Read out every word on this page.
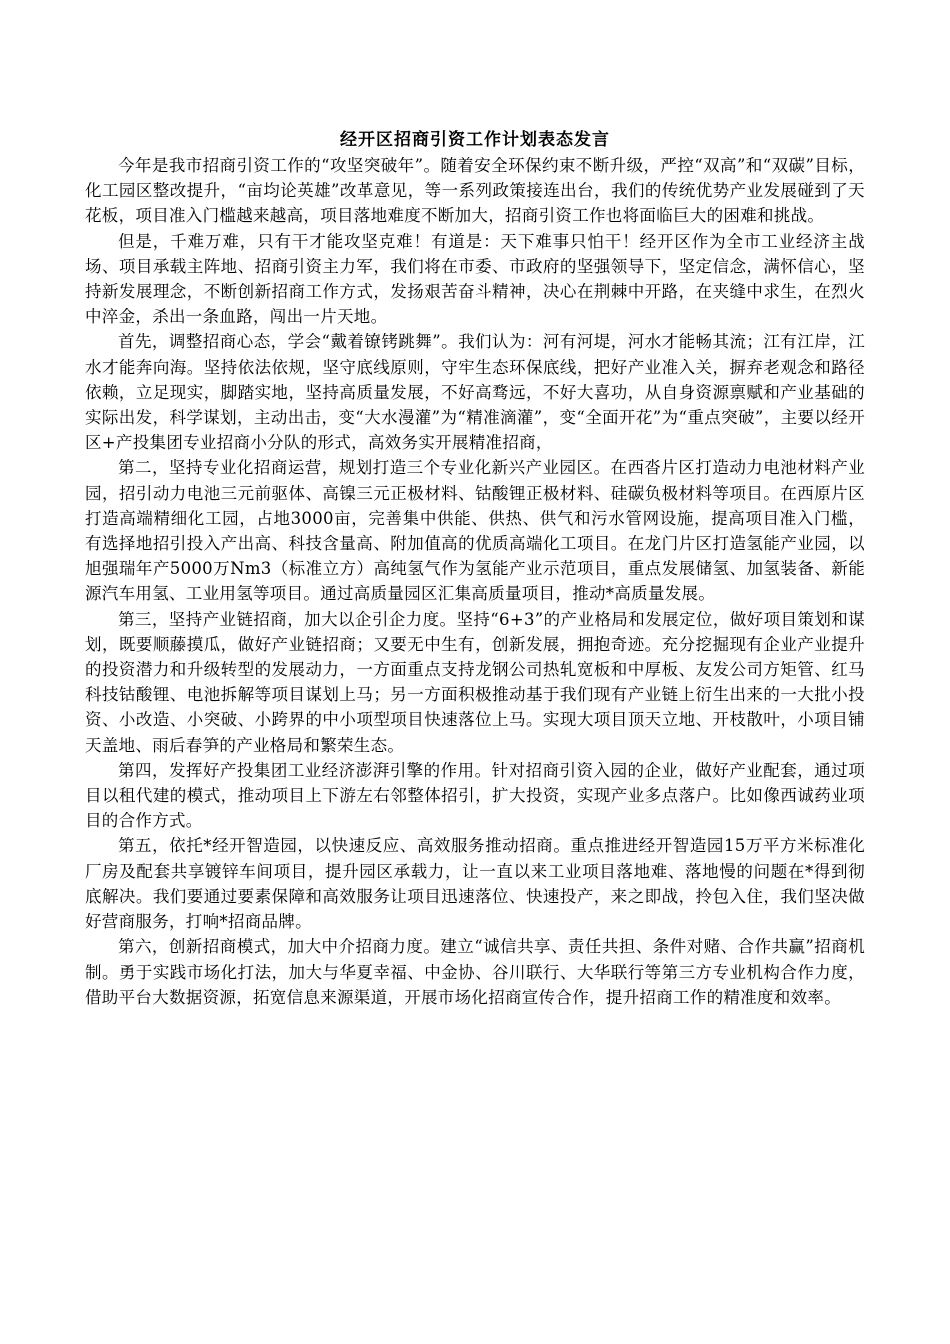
经开区招商引资工作计划表态发言

今年是我市招商引资工作的“攻坚突破年”。随着安全环保约束不断升级，严控“双高”和“双碳”目标，化工园区整改提升，“亩均论英雄”改革意见，等一系列政策接连出台，我们的传统优势产业发展碰到了天花板，项目准入门槛越来越高，项目落地难度不断加大，招商引资工作也将面临巨大的困难和挑战。

但是，千难万难，只有干才能攻坚克难！有道是：天下难事只怕干！经开区作为全市工业经济主战场、项目承载主阵地、招商引资主力军，我们将在市委、市政府的坚强领导下，坚定信念，满怀信心，坚持新发展理念，不断创新招商工作方式，发扬艰苦奋斗精神，决心在荆棘中开路，在夹缝中求生，在烈火中淬金，杀出一条血路，闯出一片天地。

首先，调整招商心态，学会“戴着镣铐跳舞”。我们认为：河有河堤，河水才能畅其流；江有江岸，江水才能奔向海。坚持依法依规，坚守底线原则，守牢生态环保底线，把好产业准入关，摒弃老观念和路径依赖，立足现实，脚踏实地，坚持高质量发展，不好高骛远，不好大喜功，从自身资源禀赋和产业基础的实际出发，科学谋划，主动出击，变“大水漫灌”为“精准滴灌”，变“全面开花”为“重点突破”，主要以经开区+产投集团专业招商小分队的形式，高效务实开展精准招商，

第二，坚持专业化招商运营，规划打造三个专业化新兴产业园区。在西沓片区打造动力电池材料产业园，招引动力电池三元前驱体、高镍三元正极材料、钴酸锂正极材料、硅碳负极材料等项目。在西原片区打造高端精细化工园，占地3000亩，完善集中供能、供热、供气和污水管网设施，提高项目准入门槛，有选择地招引投入产出高、科技含量高、附加值高的优质高端化工项目。在龙门片区打造氢能产业园，以旭强瑞年产5000万Nm3（标准立方）高纯氢气作为氢能产业示范项目，重点发展储氢、加氢装备、新能源汽车用氢、工业用氢等项目。通过高质量园区汇集高质量项目，推动*高质量发展。

第三，坚持产业链招商，加大以企引企力度。坚持“6+3”的产业格局和发展定位，做好项目策划和谋划，既要顺藤摸瓜，做好产业链招商；又要无中生有，创新发展，拥抱奇迹。充分挖掘现有企业产业提升的投资潜力和升级转型的发展动力，一方面重点支持龙钢公司热轧宽板和中厚板、友发公司方矩管、红马科技钴酸锂、电池拆解等项目谋划上马；另一方面积极推动基于我们现有产业链上衍生出来的一大批小投资、小改造、小突破、小跨界的中小项型项目快速落位上马。实现大项目顶天立地、开枝散叶，小项目铺天盖地、雨后春笋的产业格局和繁荣生态。

第四，发挥好产投集团工业经济澎湃引擎的作用。针对招商引资入园的企业，做好产业配套，通过项目以租代建的模式，推动项目上下游左右邻整体招引，扩大投资，实现产业多点落户。比如像西诚药业项目的合作方式。

第五，依托*经开智造园，以快速反应、高效服务推动招商。重点推进经开智造园15万平方米标准化厂房及配套共享镀锌车间项目，提升园区承载力，让一直以来工业项目落地难、落地慢的问题在*得到彻底解决。我们要通过要素保障和高效服务让项目迅速落位、快速投产，来之即战，拎包入住，我们坚决做好营商服务，打响*招商品牌。

第六，创新招商模式，加大中介招商力度。建立“诚信共享、责任共担、条件对赌、合作共赢”招商机制。勇于实践市场化打法，加大与华夏幸福、中金协、谷川联行、大华联行等第三方专业机构合作力度，借助平台大数据资源，拓宽信息来源渠道，开展市场化招商宣传合作，提升招商工作的精准度和效率。
